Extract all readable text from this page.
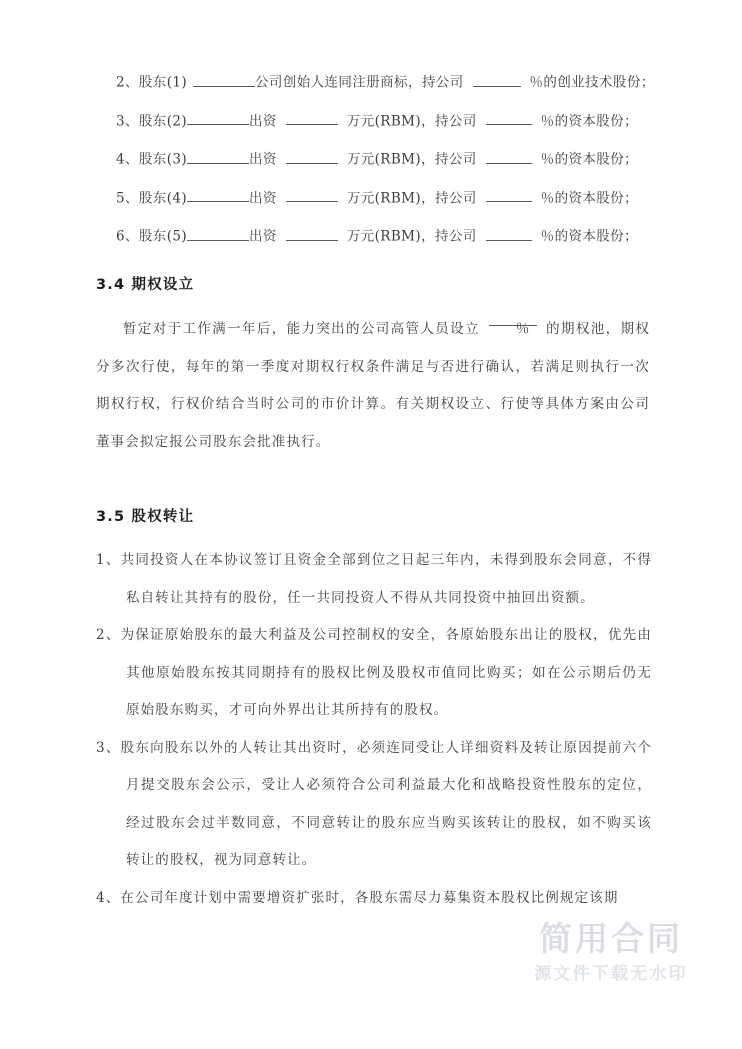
2、股东(1)	公司创始人连同注册商标，持公司	％的创业技术股份；
3、股东(2)	出资	万元(RBM)，持公司	％的资本股份；
4、股东(3)	出资	万元(RBM)，持公司	％的资本股份；
5、股东(4)	出资	万元(RBM)，持公司	％的资本股份；
6、股东(5)	出资	万元(RBM)，持公司	％的资本股份；
3.4 期权设立

暂定对于工作满一年后，能力突出的公司高管人员设立	％ 的期权池，期权分多次行使，每年的第一季度对期权行权条件满足与否进行确认，若满足则执行一次期权行权，行权价结合当时公司的市价计算。有关期权设立、行使等具体方案由公司董事会拟定报公司股东会批准执行。

3.5 股权转让

1、共同投资人在本协议签订且资金全部到位之日起三年内，未得到股东会同意，不得私自转让其持有的股份，任一共同投资人不得从共同投资中抽回出资额。

2、为保证原始股东的最大利益及公司控制权的安全，各原始股东出让的股权，优先由其他原始股东按其同期持有的股权比例及股权市值同比购买；如在公示期后仍无原始股东购买，才可向外界出让其所持有的股权。

3、股东向股东以外的人转让其出资时，必须连同受让人详细资料及转让原因提前六个月提交股东会公示，受让人必须符合公司利益最大化和战略投资性股东的定位，经过股东会过半数同意，不同意转让的股东应当购买该转让的股权，如不购买该转让的股权，视为同意转让。

4、在公司年度计划中需要增资扩张时，各股东需尽力募集资本股权比例规定该期

简用合同
源文件下载无水印
